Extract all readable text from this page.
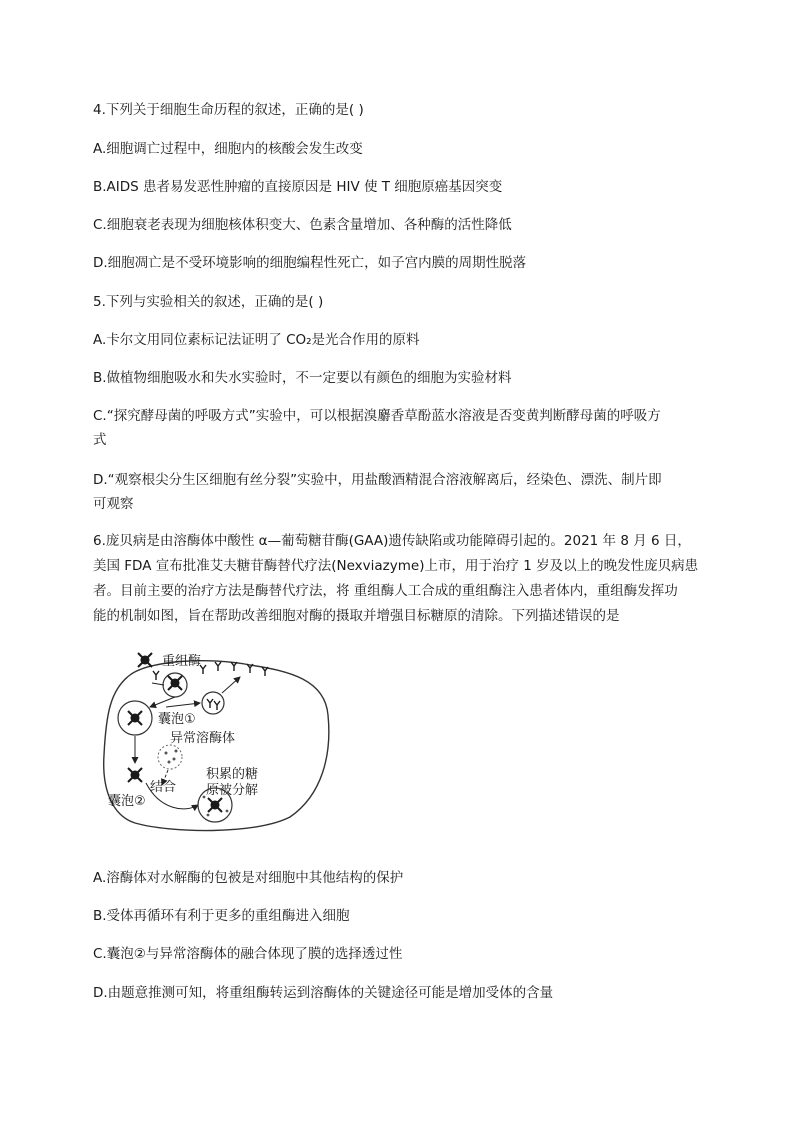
4.下列关于细胞生命历程的叙述，正确的是( )
A.细胞调亡过程中，细胞内的核酸会发生改变
B.AIDS 患者易发恶性肿瘤的直接原因是 HIV 使 T 细胞原癌基因突变
C.细胞衰老表现为细胞核体积变大、色素含量增加、各种酶的活性降低
D.细胞凋亡是不受环境影响的细胞编程性死亡，如子宫内膜的周期性脱落
5.下列与实验相关的叙述，正确的是( )
A.卡尔文用同位素标记法证明了 CO₂是光合作用的原料
B.做植物细胞吸水和失水实验时，不一定要以有颜色的细胞为实验材料
C.“探究酵母菌的呼吸方式”实验中，可以根据溴麝香草酚蓝水溶液是否变黄判断酵母菌的呼吸方
式
D.“观察根尖分生区细胞有丝分裂”实验中，用盐酸酒精混合溶液解离后，经染色、漂洗、制片即
可观察
6.庞贝病是由溶酶体中酸性 α—葡萄糖苷酶(GAA)遗传缺陷或功能障碍引起的。2021 年 8 月 6 日，
美国 FDA 宣布批准艾夫糖苷酶替代疗法(Nexviazyme)上市，用于治疗 1 岁及以上的晚发性庞贝病患
者。目前主要的治疗方法是酶替代疗法，将 重组酶人工合成的重组酶注入患者体内，重组酶发挥功
能的机制如图，旨在帮助改善细胞对酶的摄取并增强目标糖原的清除。下列描述错误的是
重组酶
囊泡①
异常溶酶体
积累的糖
原被分解
结合
囊泡②
A.溶酶体对水解酶的包被是对细胞中其他结构的保护
B.受体再循环有利于更多的重组酶进入细胞
C.囊泡②与异常溶酶体的融合体现了膜的选择透过性
D.由题意推测可知，将重组酶转运到溶酶体的关键途径可能是增加受体的含量
